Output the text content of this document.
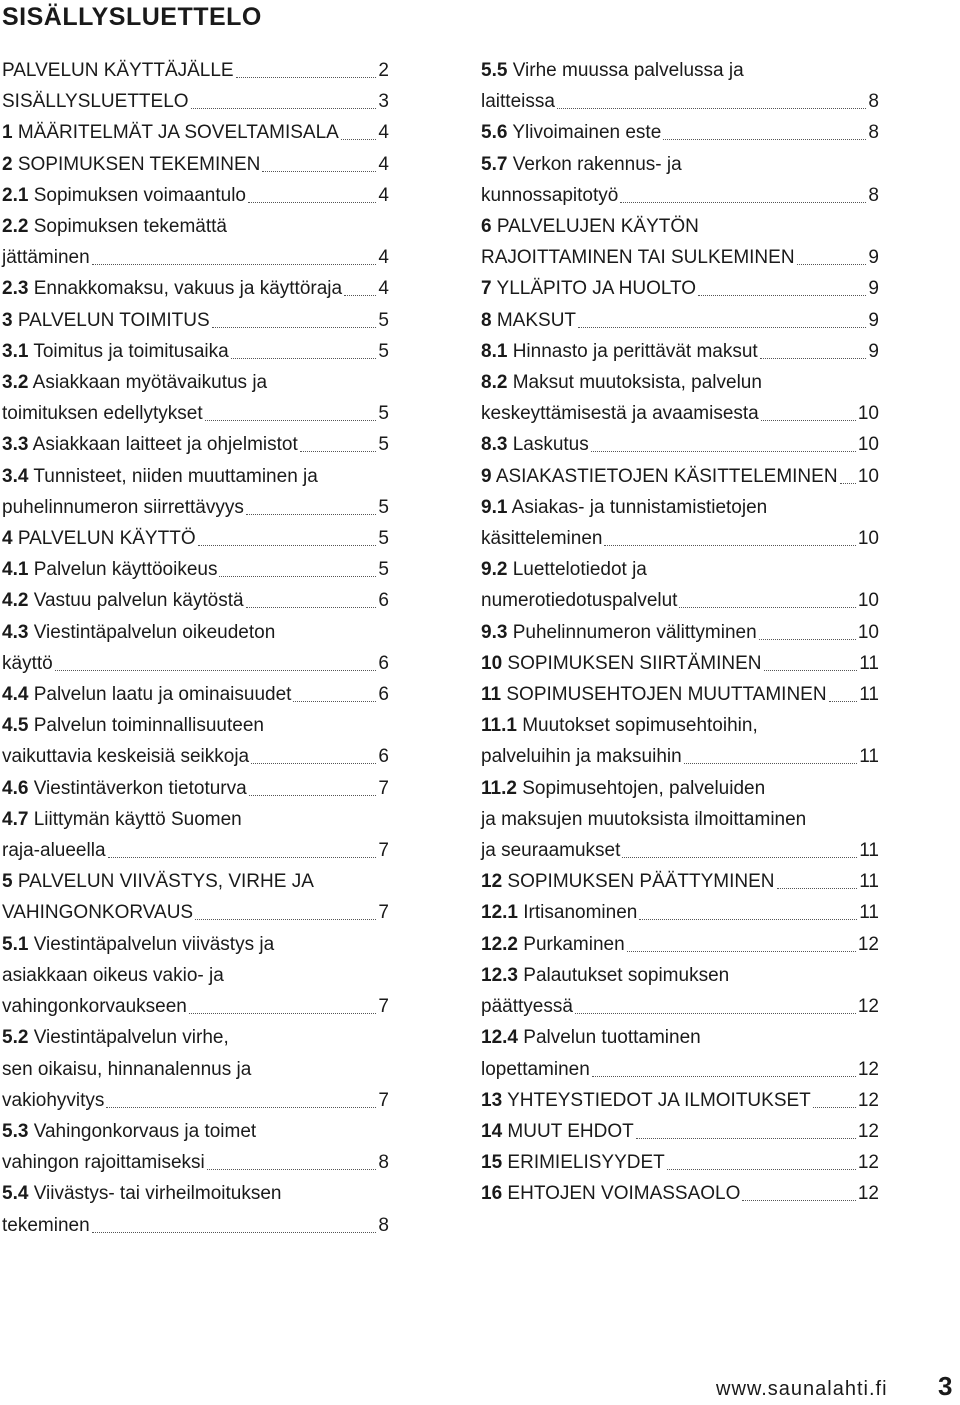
SISÄLLYSLUETTELO
PALVELUN KÄYTTÄJÄLLE	2
SISÄLLYSLUETTELO	3
1 MÄÄRITELMÄT JA SOVELTAMISALA 4
2 SOPIMUKSEN TEKEMINEN	4
2.1 Sopimuksen voimaantulo	4
2.2 Sopimuksen tekemättä
jättäminen	4
2.3 Ennakkomaksu, vakuus ja käyttöraja 4
3 PALVELUN TOIMITUS	5
3.1 Toimitus ja toimitusaika	5
3.2 Asiakkaan myötävaikutus ja
toimituksen edellytykset	5
3.3 Asiakkaan laitteet ja ohjelmistot	5
3.4 Tunnisteet, niiden muuttaminen ja
puhelinnumeron siirrettävyys	5
4 PALVELUN KÄYTTÖ	5
4.1 Palvelun käyttöoikeus	5
4.2 Vastuu palvelun käytöstä	6
4.3 Viestintäpalvelun oikeudeton
käyttö	6
4.4 Palvelun laatu ja ominaisuudet	6
4.5 Palvelun toiminnallisuuteen
vaikuttavia keskeisiä seikkoja	6
4.6 Viestintäverkon tietoturva	7
4.7 Liittymän käyttö Suomen
raja-alueella	7
5 PALVELUN VIIVÄSTYS, VIRHE JA
VAHINGONKORVAUS	7
5.1 Viestintäpalvelun viivästys ja
asiakkaan oikeus vakio- ja
vahingonkorvaukseen	7
5.2 Viestintäpalvelun virhe,
sen oikaisu, hinnanalennus ja
vakiohyvitys	7
5.3 Vahingonkorvaus ja toimet
vahingon rajoittamiseksi	8
5.4 Viivästys- tai virheilmoituksen
tekeminen	8
5.5 Virhe muussa palvelussa ja
laitteissa	8
5.6 Ylivoimainen este	8
5.7 Verkon rakennus- ja
kunnossapitotyö	8
6 PALVELUJEN KÄYTÖN
RAJOITTAMINEN TAI SULKEMINEN	9
7 YLLÄPITO JA HUOLTO	9
8 MAKSUT	9
8.1 Hinnasto ja perittävät maksut	9
8.2 Maksut muutoksista, palvelun
keskeyttämisestä ja avaamisesta	10
8.3 Laskutus	10
9 ASIAKASTIETOJEN KÄSITTELEMINEN 10
9.1 Asiakas- ja tunnistamistietojen
käsitteleminen	10
9.2 Luettelotiedot ja
numerotiedotuspalvelut	10
9.3 Puhelinnumeron välittyminen	10
10 SOPIMUKSEN SIIRTÄMINEN	11
11 SOPIMUSEHTOJEN MUUTTAMINEN 11
11.1 Muutokset sopimusehtoihin,
palveluihin ja maksuihin	11
11.2 Sopimusehtojen, palveluiden
ja maksujen muutoksista ilmoittaminen
ja seuraamukset	11
12 SOPIMUKSEN PÄÄTTYMINEN	11
12.1 Irtisanominen	11
12.2 Purkaminen	12
12.3 Palautukset sopimuksen
päättyessä	12
12.4 Palvelun tuottaminen
lopettaminen	12
13 YHTEYSTIEDOT JA ILMOITUKSET 12
14 MUUT EHDOT	12
15 ERIMIELISYYDET	12
16 EHTOJEN VOIMASSAOLO	12
www.saunalahti.fi 3
